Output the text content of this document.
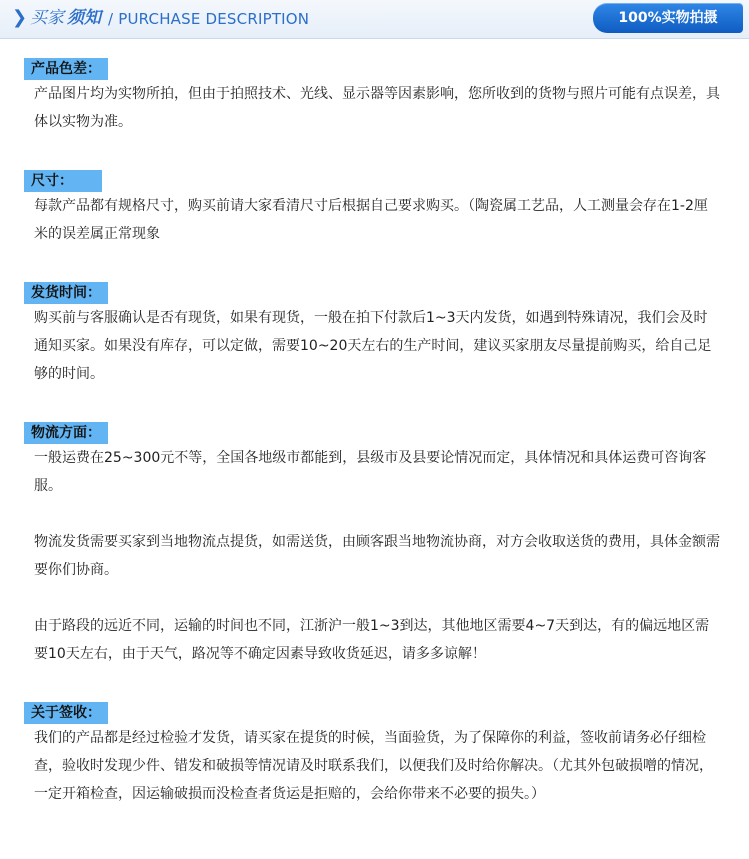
❯ 买家 须知 / PURCHASE DESCRIPTION	100%实物拍摄
产品色差：

产品图片均为实物所拍，但由于拍照技术、光线、显示器等因素影响，您所收到的货物与照片可能有点误差，具体以实物为准。

尺寸：

每款产品都有规格尺寸，购买前请大家看清尺寸后根据自己要求购买。（陶瓷属工艺品，人工测量会存在1-2厘米的误差属正常现象

发货时间：

购买前与客服确认是否有现货，如果有现货，一般在拍下付款后1~3天内发货，如遇到特殊请况，我们会及时通知买家。如果没有库存，可以定做，需要10~20天左右的生产时间，建议买家朋友尽量提前购买，给自己足够的时间。

物流方面：

一般运费在25~300元不等，全国各地级市都能到，县级市及县要论情况而定，具体情况和具体运费可咨询客服。

物流发货需要买家到当地物流点提货，如需送货，由顾客跟当地物流协商，对方会收取送货的费用，具体金额需要你们协商。

由于路段的远近不同，运输的时间也不同，江浙沪一般1~3到达，其他地区需要4~7天到达，有的偏远地区需要10天左右，由于天气，路况等不确定因素导致收货延迟，请多多谅解！

关于签收：

我们的产品都是经过检验才发货，请买家在提货的时候，当面验货，为了保障你的利益，签收前请务必仔细检查，验收时发现少件、错发和破损等情况请及时联系我们，以便我们及时给你解决。（尤其外包破损噌的情况，一定开箱检查，因运输破损而没检查者货运是拒赔的，会给你带来不必要的损失。）
